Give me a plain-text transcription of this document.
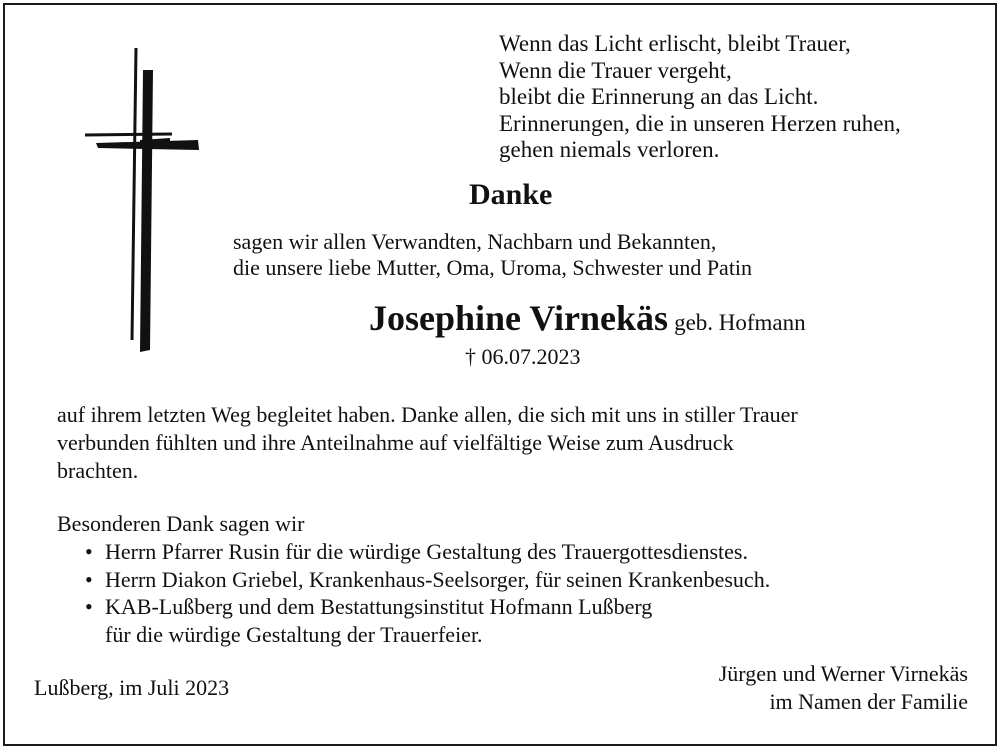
Wenn das Licht erlischt, bleibt Trauer,
Wenn die Trauer vergeht,
bleibt die Erinnerung an das Licht.
Erinnerungen, die in unseren Herzen ruhen,
gehen niemals verloren.
Danke
sagen wir allen Verwandten, Nachbarn und Bekannten,
die unsere liebe Mutter, Oma, Uroma, Schwester und Patin
Josephine Virnekäs geb. Hofmann
† 06.07.2023
auf ihrem letzten Weg begleitet haben. Danke allen, die sich mit uns in stiller Trauer
verbunden fühlten und ihre Anteilnahme auf vielfältige Weise zum Ausdruck
brachten.
Besonderen Dank sagen wir
• Herrn Pfarrer Rusin für die würdige Gestaltung des Trauergottesdienstes.
• Herrn Diakon Griebel, Krankenhaus-Seelsorger, für seinen Krankenbesuch.
• KAB-Lußberg und dem Bestattungsinstitut Hofmann Lußberg
für die würdige Gestaltung der Trauerfeier.
Lußberg, im Juli 2023
Jürgen und Werner Virnekäs
im Namen der Familie
